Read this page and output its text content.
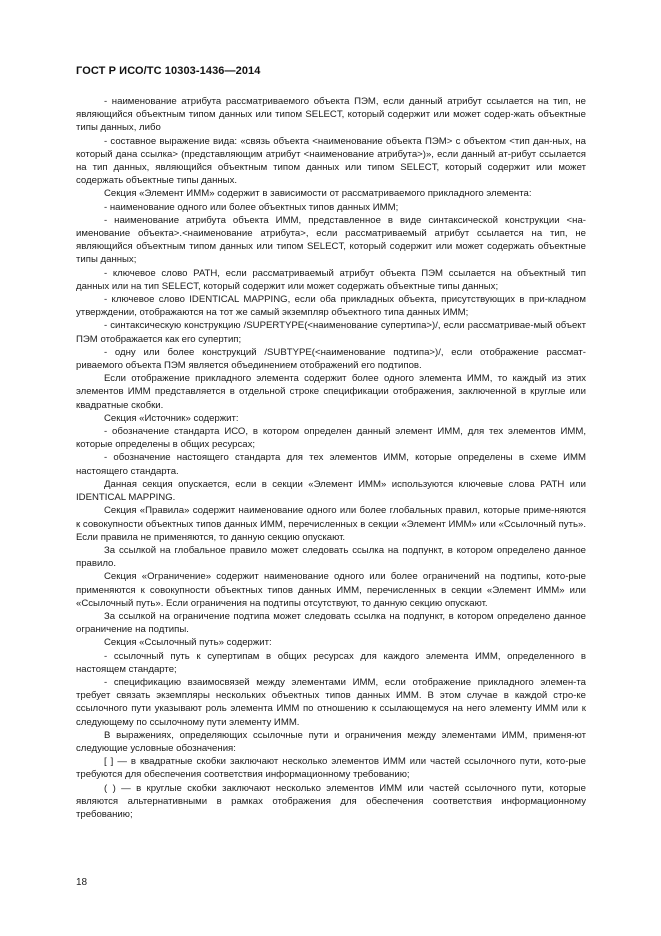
ГОСТ Р ИСО/ТС 10303-1436—2014

- наименование атрибута рассматриваемого объекта ПЭМ, если данный атрибут ссылается на тип, не являющийся объектным типом данных или типом SELECT, который содержит или может содер-жать объектные типы данных, либо

- составное выражение вида: «связь объекта <наименование объекта ПЭМ> с объектом <тип дан-ных, на который дана ссылка> (представляющим атрибут <наименование атрибута>)», если данный ат-рибут ссылается на тип данных, являющийся объектным типом данных или типом SELECT, который содержит или может содержать объектные типы данных.

Секция «Элемент ИММ» содержит в зависимости от рассматриваемого прикладного элемента:

- наименование одного или более объектных типов данных ИММ;

- наименование атрибута объекта ИММ, представленное в виде синтаксической конструкции <на-именование объекта>.<наименование атрибута>, если рассматриваемый атрибут ссылается на тип, не являющийся объектным типом данных или типом SELECT, который содержит или может содержать объектные типы данных;

- ключевое слово PATH, если рассматриваемый атрибут объекта ПЭМ ссылается на объектный тип данных или на тип SELECT, который содержит или может содержать объектные типы данных;

- ключевое слово IDENTICAL MAPPING, если оба прикладных объекта, присутствующих в при-кладном утверждении, отображаются на тот же самый экземпляр объектного типа данных ИММ;

- синтаксическую конструкцию /SUPERTYPE(<наименование супертипа>)/, если рассматривае-мый объект ПЭМ отображается как его супертип;

- одну или более конструкций /SUBTYPE(<наименование подтипа>)/, если отображение рассмат-риваемого объекта ПЭМ является объединением отображений его подтипов.

Если отображение прикладного элемента содержит более одного элемента ИММ, то каждый из этих элементов ИММ представляется в отдельной строке спецификации отображения, заключенной в круглые или квадратные скобки.

Секция «Источник» содержит:

- обозначение стандарта ИСО, в котором определен данный элемент ИММ, для тех элементов ИММ, которые определены в общих ресурсах;

- обозначение настоящего стандарта для тех элементов ИММ, которые определены в схеме ИММ настоящего стандарта.

Данная секция опускается, если в секции «Элемент ИММ» используются ключевые слова PATH или IDENTICAL MAPPING.

Секция «Правила» содержит наименование одного или более глобальных правил, которые приме-няются к совокупности объектных типов данных ИММ, перечисленных в секции «Элемент ИММ» или «Ссылочный путь». Если правила не применяются, то данную секцию опускают.

За ссылкой на глобальное правило может следовать ссылка на подпункт, в котором определено данное правило.

Секция «Ограничение» содержит наименование одного или более ограничений на подтипы, кото-рые применяются к совокупности объектных типов данных ИММ, перечисленных в секции «Элемент ИММ» или «Ссылочный путь». Если ограничения на подтипы отсутствуют, то данную секцию опускают.

За ссылкой на ограничение подтипа может следовать ссылка на подпункт, в котором определено данное ограничение на подтипы.

Секция «Ссылочный путь» содержит:

- ссылочный путь к супертипам в общих ресурсах для каждого элемента ИММ, определенного в настоящем стандарте;

- спецификацию взаимосвязей между элементами ИММ, если отображение прикладного элемен-та требует связать экземпляры нескольких объектных типов данных ИММ. В этом случае в каждой стро-ке ссылочного пути указывают роль элемента ИММ по отношению к ссылающемуся на него элементу ИММ или к следующему по ссылочному пути элементу ИММ.

В выражениях, определяющих ссылочные пути и ограничения между элементами ИММ, применя-ют следующие условные обозначения:

[ ] — в квадратные скобки заключают несколько элементов ИММ или частей ссылочного пути, кото-рые требуются для обеспечения соответствия информационному требованию;

( ) — в круглые скобки заключают несколько элементов ИММ или частей ссылочного пути, которые являются альтернативными в рамках отображения для обеспечения соответствия информационному требованию;

18
